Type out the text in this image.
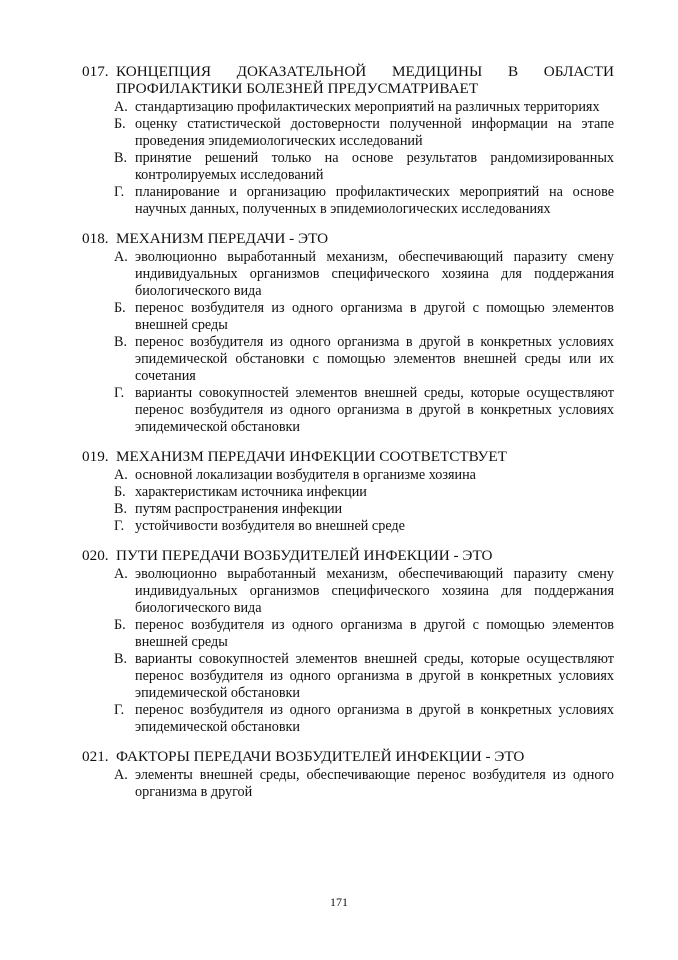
017. КОНЦЕПЦИЯ ДОКАЗАТЕЛЬНОЙ МЕДИЦИНЫ В ОБЛАСТИ ПРОФИЛАКТИКИ БОЛЕЗНЕЙ ПРЕДУСМАТРИВАЕТ
А. стандартизацию профилактических мероприятий на различных территориях
Б. оценку статистической достоверности полученной информации на этапе проведения эпидемиологических исследований
В. принятие решений только на основе результатов рандомизированных контролируемых исследований
Г. планирование и организацию профилактических мероприятий на основе научных данных, полученных в эпидемиологических исследованиях
018. МЕХАНИЗМ ПЕРЕДАЧИ - ЭТО
А. эволюционно выработанный механизм, обеспечивающий паразиту смену индивидуальных организмов специфического хозяина для поддержания биологического вида
Б. перенос возбудителя из одного организма в другой с помощью элементов внешней среды
В. перенос возбудителя из одного организма в другой в конкретных условиях эпидемической обстановки с помощью элементов внешней среды или их сочетания
Г. варианты совокупностей элементов внешней среды, которые осуществляют перенос возбудителя из одного организма в другой в конкретных условиях эпидемической обстановки
019. МЕХАНИЗМ ПЕРЕДАЧИ ИНФЕКЦИИ СООТВЕТСТВУЕТ
А. основной локализации возбудителя в организме хозяина
Б. характеристикам источника инфекции
В. путям распространения инфекции
Г. устойчивости возбудителя во внешней среде
020. ПУТИ ПЕРЕДАЧИ ВОЗБУДИТЕЛЕЙ ИНФЕКЦИИ - ЭТО
А. эволюционно выработанный механизм, обеспечивающий паразиту смену индивидуальных организмов специфического хозяина для поддержания биологического вида
Б. перенос возбудителя из одного организма в другой с помощью элементов внешней среды
В. варианты совокупностей элементов внешней среды, которые осуществляют перенос возбудителя из одного организма в другой в конкретных условиях эпидемической обстановки
Г. перенос возбудителя из одного организма в другой в конкретных условиях эпидемической обстановки
021. ФАКТОРЫ ПЕРЕДАЧИ ВОЗБУДИТЕЛЕЙ ИНФЕКЦИИ - ЭТО
А. элементы внешней среды, обеспечивающие перенос возбудителя из одного организма в другой
171
